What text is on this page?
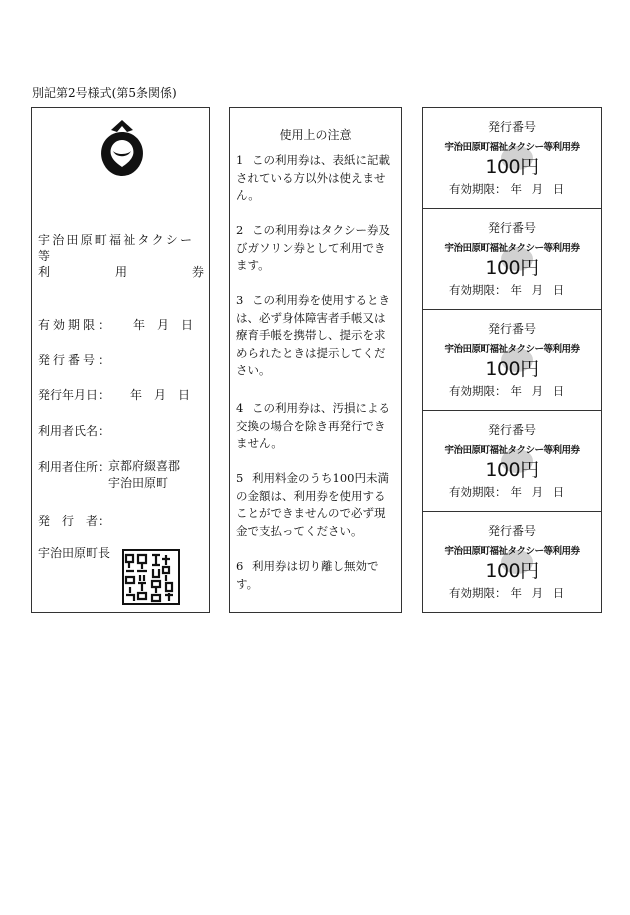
別記第2号様式(第5条関係)
宇治田原町福祉タクシー等
利	用	券
有効期限： 年　月　日
発行番号：
発行年月日： 年　月　日
利用者氏名：
利用者住所：
京都府綴喜郡
宇治田原町
発　行　者：
宇治田原町長
使用上の注意
1 この利用券は、表紙に記載されている方以外は使えません。
2 この利用券はタクシー券及びガソリン券として利用できます。
3 この利用券を使用するときは、必ず身体障害者手帳又は療育手帳を携帯し、提示を求められたときは提示してください。
4 この利用券は、汚損による交換の場合を除き再発行できません。
5 利用料金のうち100円未満の金額は、利用券を使用することができませんので必ず現金で支払ってください。
6 利用券は切り離し無効です。
発行番号
宇治田原町福祉タクシー等利用券
100円
有効期限： 年 月 日
発行番号
宇治田原町福祉タクシー等利用券
100円
有効期限： 年 月 日
発行番号
宇治田原町福祉タクシー等利用券
100円
有効期限： 年 月 日
発行番号
宇治田原町福祉タクシー等利用券
100円
有効期限： 年 月 日
発行番号
宇治田原町福祉タクシー等利用券
100円
有効期限： 年 月 日
